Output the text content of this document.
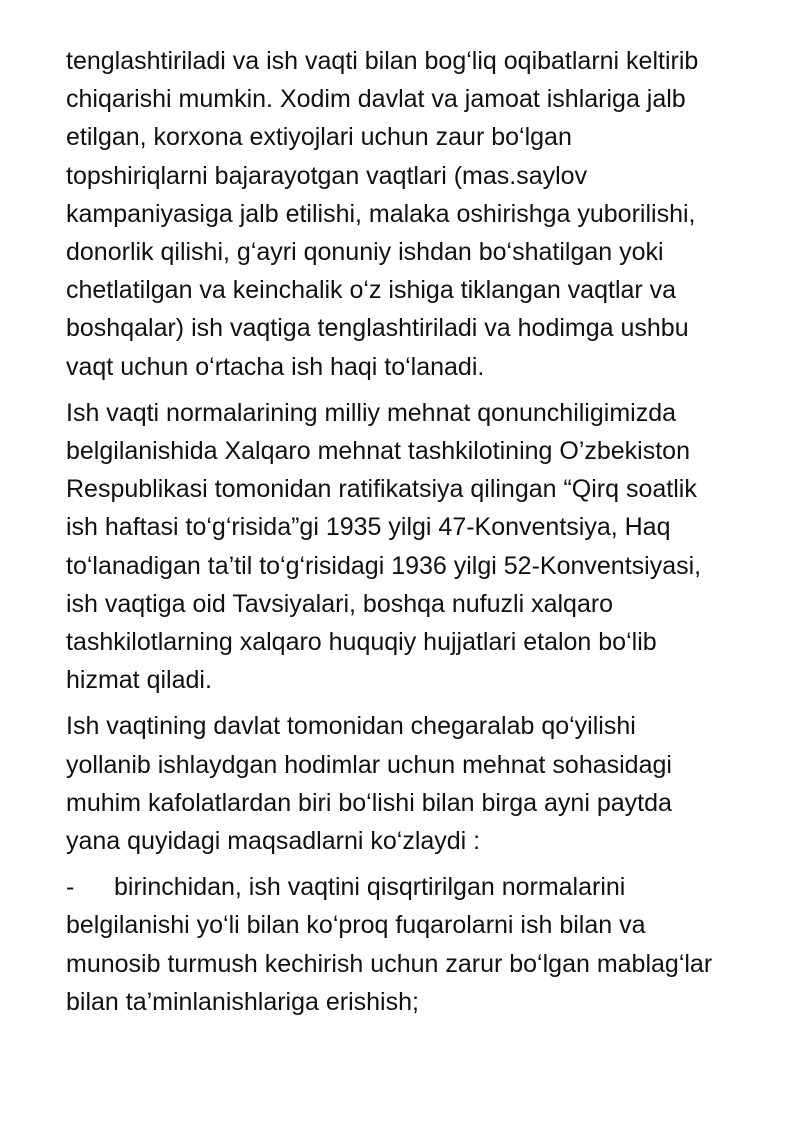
tenglashtiriladi va ish vaqti bilan bog‘liq oqibatlarni keltirib
chiqarishi mumkin. Xodim davlat va jamoat ishlariga jalb
etilgan, korxona extiyojlari uchun zaur bo‘lgan
topshiriqlarni bajarayotgan vaqtlari (mas.saylov
kampaniyasiga jalb etilishi, malaka oshirishga yuborilishi,
donorlik qilishi, g‘ayri qonuniy ishdan bo‘shatilgan yoki
chetlatilgan va keinchalik o‘z ishiga tiklangan vaqtlar va
boshqalar) ish vaqtiga tenglashtiriladi va hodimga ushbu
vaqt uchun o‘rtacha ish haqi to‘lanadi.

Ish vaqti normalarining milliy mehnat qonunchiligimizda
belgilanishida Xalqaro mehnat tashkilotining O’zbekiston
Respublikasi tomonidan ratifikatsiya qilingan “Qirq soatlik
ish haftasi to‘g‘risida”gi 1935 yilgi 47-Konventsiya, Haq
to‘lanadigan ta’til to‘g‘risidagi 1936 yilgi 52-Konventsiyasi,
ish vaqtiga oid Tavsiyalari, boshqa nufuzli xalqaro
tashkilotlarning xalqaro huquqiy hujjatlari etalon bo‘lib
hizmat qiladi.

Ish vaqtining davlat tomonidan chegaralab qo‘yilishi
yollanib ishlaydgan hodimlar uchun mehnat sohasidagi
muhim kafolatlardan biri bo‘lishi bilan birga ayni paytda
yana quyidagi maqsadlarni ko‘zlaydi :

- birinchidan, ish vaqtini qisqrtirilgan normalarini
belgilanishi yo‘li bilan ko‘proq fuqarolarni ish bilan va
munosib turmush kechirish uchun zarur bo‘lgan mablag‘lar
bilan ta’minlanishlariga erishish;
